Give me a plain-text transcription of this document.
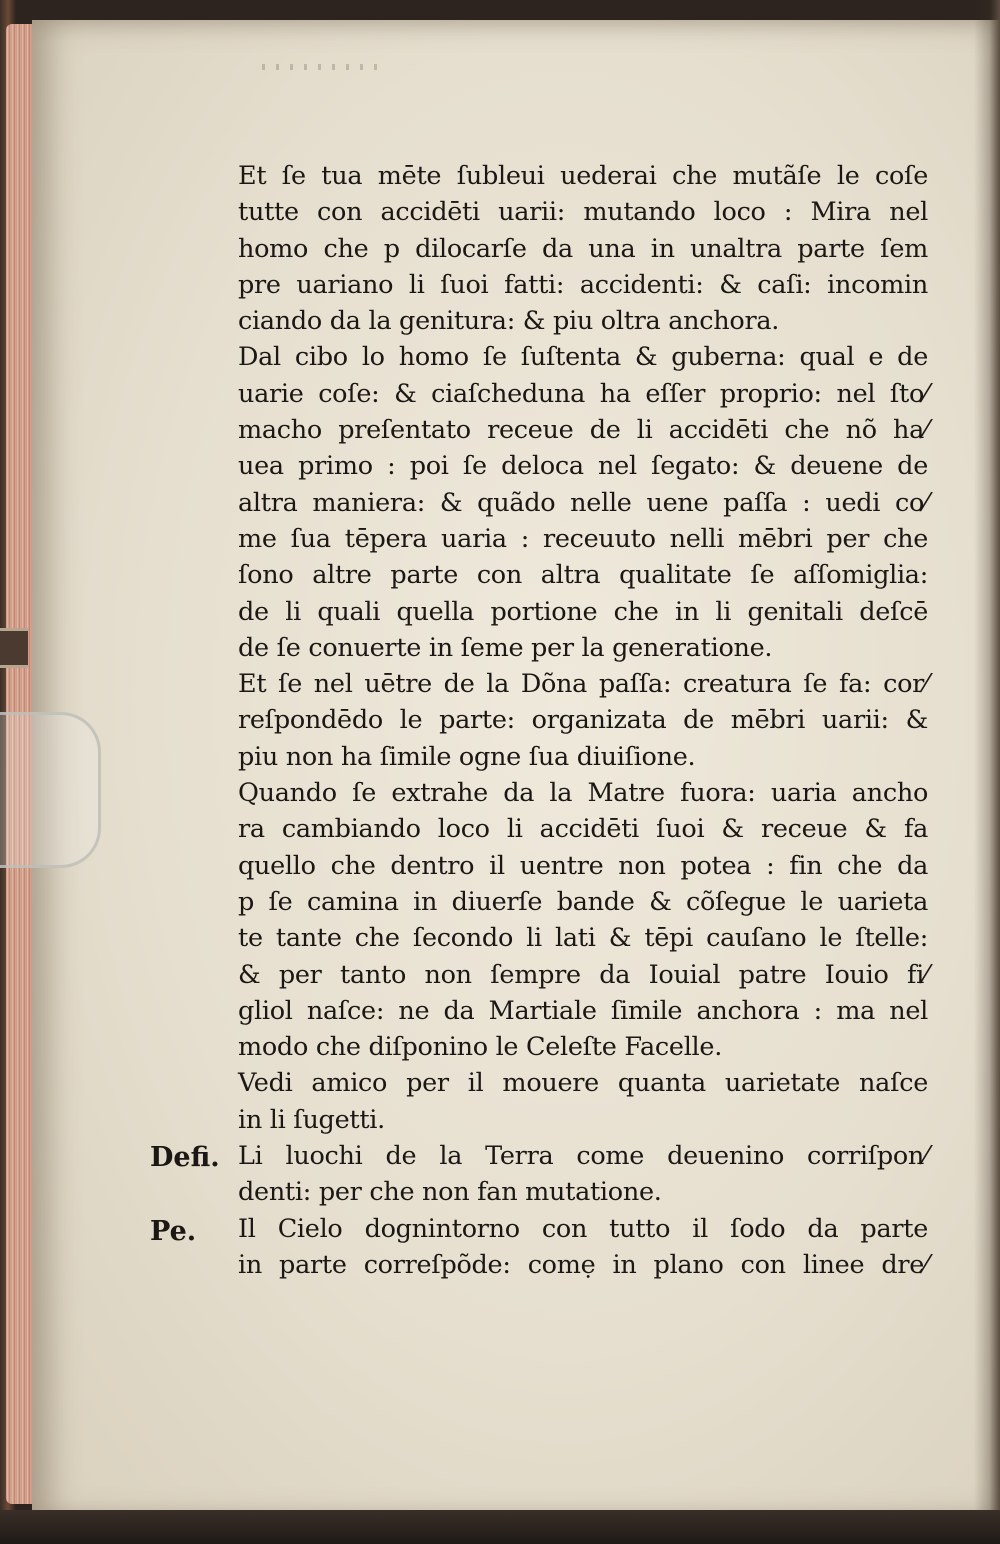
Et ſe tua mēte ſubleui uederai che mutãſe le coſe
tutte con accidēti uarii: mutando loco : Mira nel
homo che p dilocarſe da una in unaltra parte ſem
pre uariano li ſuoi fatti: accidenti: & caſi: incomin
ciando da la genitura: & piu oltra anchora.
Dal cibo lo homo ſe ſuſtenta & guberna: qual e de
uarie coſe: & ciaſcheduna ha eſſer proprio: nel ſto⁄
macho preſentato receue de li accidēti che nõ ha⁄
uea primo : poi ſe deloca nel ſegato: & deuene de
altra maniera: & quãdo nelle uene paſſa : uedi co⁄
me ſua tēpera uaria : receuuto nelli mēbri per che
ſono altre parte con altra qualitate ſe aſſomiglia:
de li quali quella portione che in li genitali deſcē
de ſe conuerte in ſeme per la generatione.
Et ſe nel uētre de la Dõna paſſa: creatura ſe fa: cor⁄
reſpondēdo le parte: organizata de mēbri uarii: &
piu non ha ſimile ogne ſua diuiſione.
Quando ſe extrahe da la Matre fuora: uaria ancho
ra cambiando loco li accidēti ſuoi & receue & fa
quello che dentro il uentre non potea : fin che da
p ſe camina in diuerſe bande & cõſegue le uarieta
te tante che ſecondo li lati & tēpi cauſano le ſtelle:
& per tanto non ſempre da Iouial patre Iouio fi⁄
gliol naſce: ne da Martiale ſimile anchora : ma nel
modo che diſponino le Celeſte Facelle.
Vedi amico per il mouere quanta uarietate naſce
in li ſugetti.
Li luochi de la Terra come deuenino corriſpon⁄
denti: per che non fan mutatione.
Il Cielo dognintorno con tutto il ſodo da parte
in parte correſpõde: comẹ in plano con linee dre⁄
Defi.
Pe.
